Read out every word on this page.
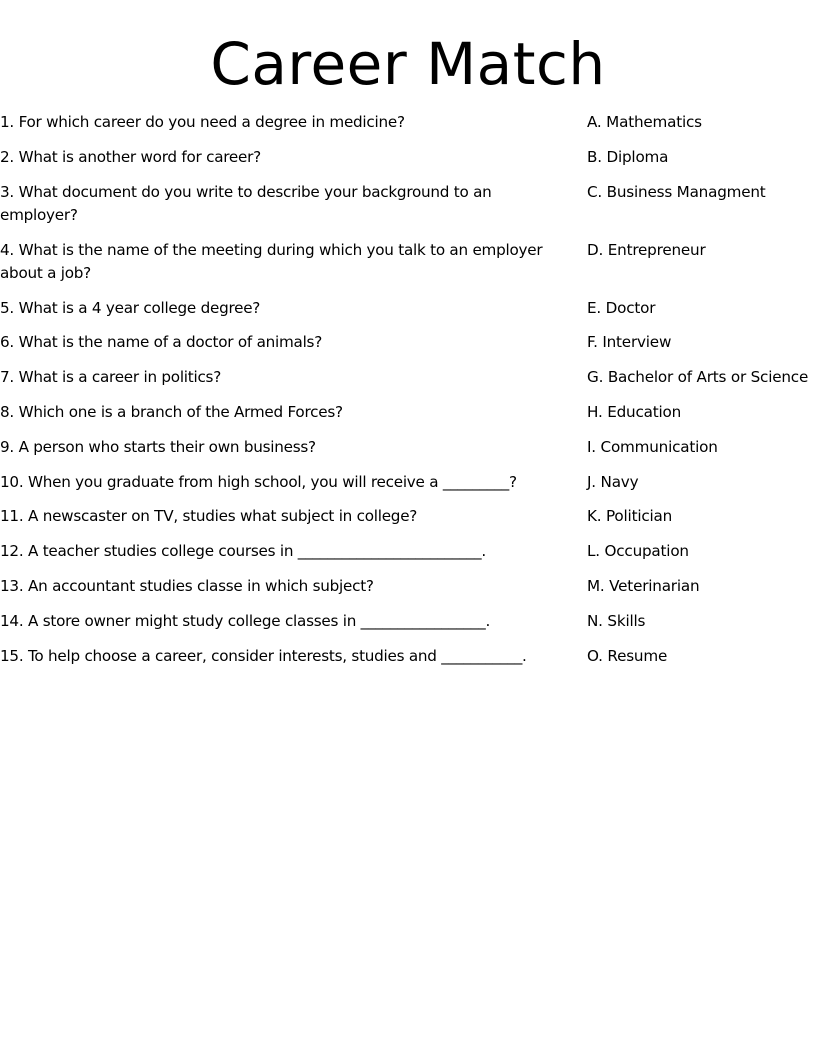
Career Match
1. For which career do you need a degree in medicine?
2. What is another word for career?
3. What document do you write to describe your background to an employer?
4. What is the name of the meeting during which you talk to an employer about a job?
5. What is a 4 year college degree?
6. What is the name of a doctor of animals?
7. What is a career in politics?
8. Which one is a branch of the Armed Forces?
9. A person who starts their own business?
10. When you graduate from high school, you will receive a _________?
11. A newscaster on TV, studies what subject in college?
12. A teacher studies college courses in _________________________.
13. An accountant studies classe in which subject?
14. A store owner might study college classes in _________________.
15. To help choose a career, consider interests, studies and ___________.
A. Mathematics
B. Diploma
C. Business Managment
D. Entrepreneur
E. Doctor
F. Interview
G. Bachelor of Arts or Science
H. Education
I. Communication
J. Navy
K. Politician
L. Occupation
M. Veterinarian
N. Skills
O. Resume
